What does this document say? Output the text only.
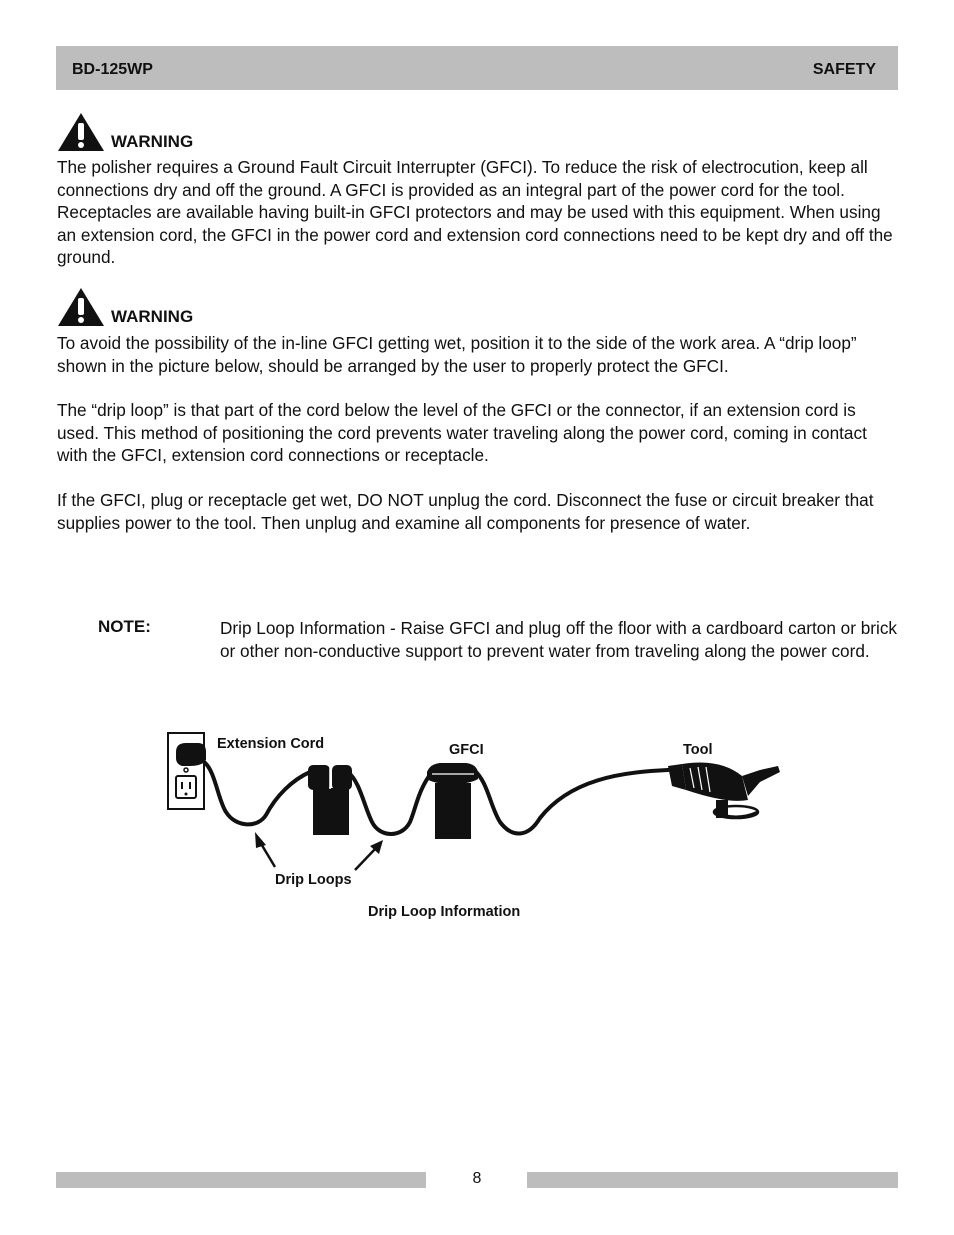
BD-125WP	SAFETY
WARNING

The polisher requires a Ground Fault Circuit Interrupter (GFCI). To reduce the risk of electrocution, keep all connections dry and off the ground. A GFCI is provided as an integral part of the power cord for the tool. Receptacles are available having built-in GFCI protectors and may be used with this equipment. When using an extension cord, the GFCI in the power cord and extension cord connections need to be kept dry and off the ground.

WARNING

To avoid the possibility of the in-line GFCI getting wet, position it to the side of the work area. A “drip loop” shown in the picture below, should be arranged by the user to properly protect the GFCI.

The “drip loop” is that part of the cord below the level of the GFCI or the connector, if an extension cord is used. This method of positioning the cord prevents water traveling along the power cord, coming in contact with the GFCI, extension cord connections or receptacle.

If the GFCI, plug or receptacle get wet, DO NOT unplug the cord. Disconnect the fuse or circuit breaker that supplies power to the tool. Then unplug and examine all components for presence of water.

NOTE:	Drip Loop Information - Raise GFCI and plug off the floor with a cardboard carton or brick or other non-conductive support to prevent water from traveling along the power cord.

Extension Cord	GFCI	Tool
Drip Loops
Drip Loop Information
8
